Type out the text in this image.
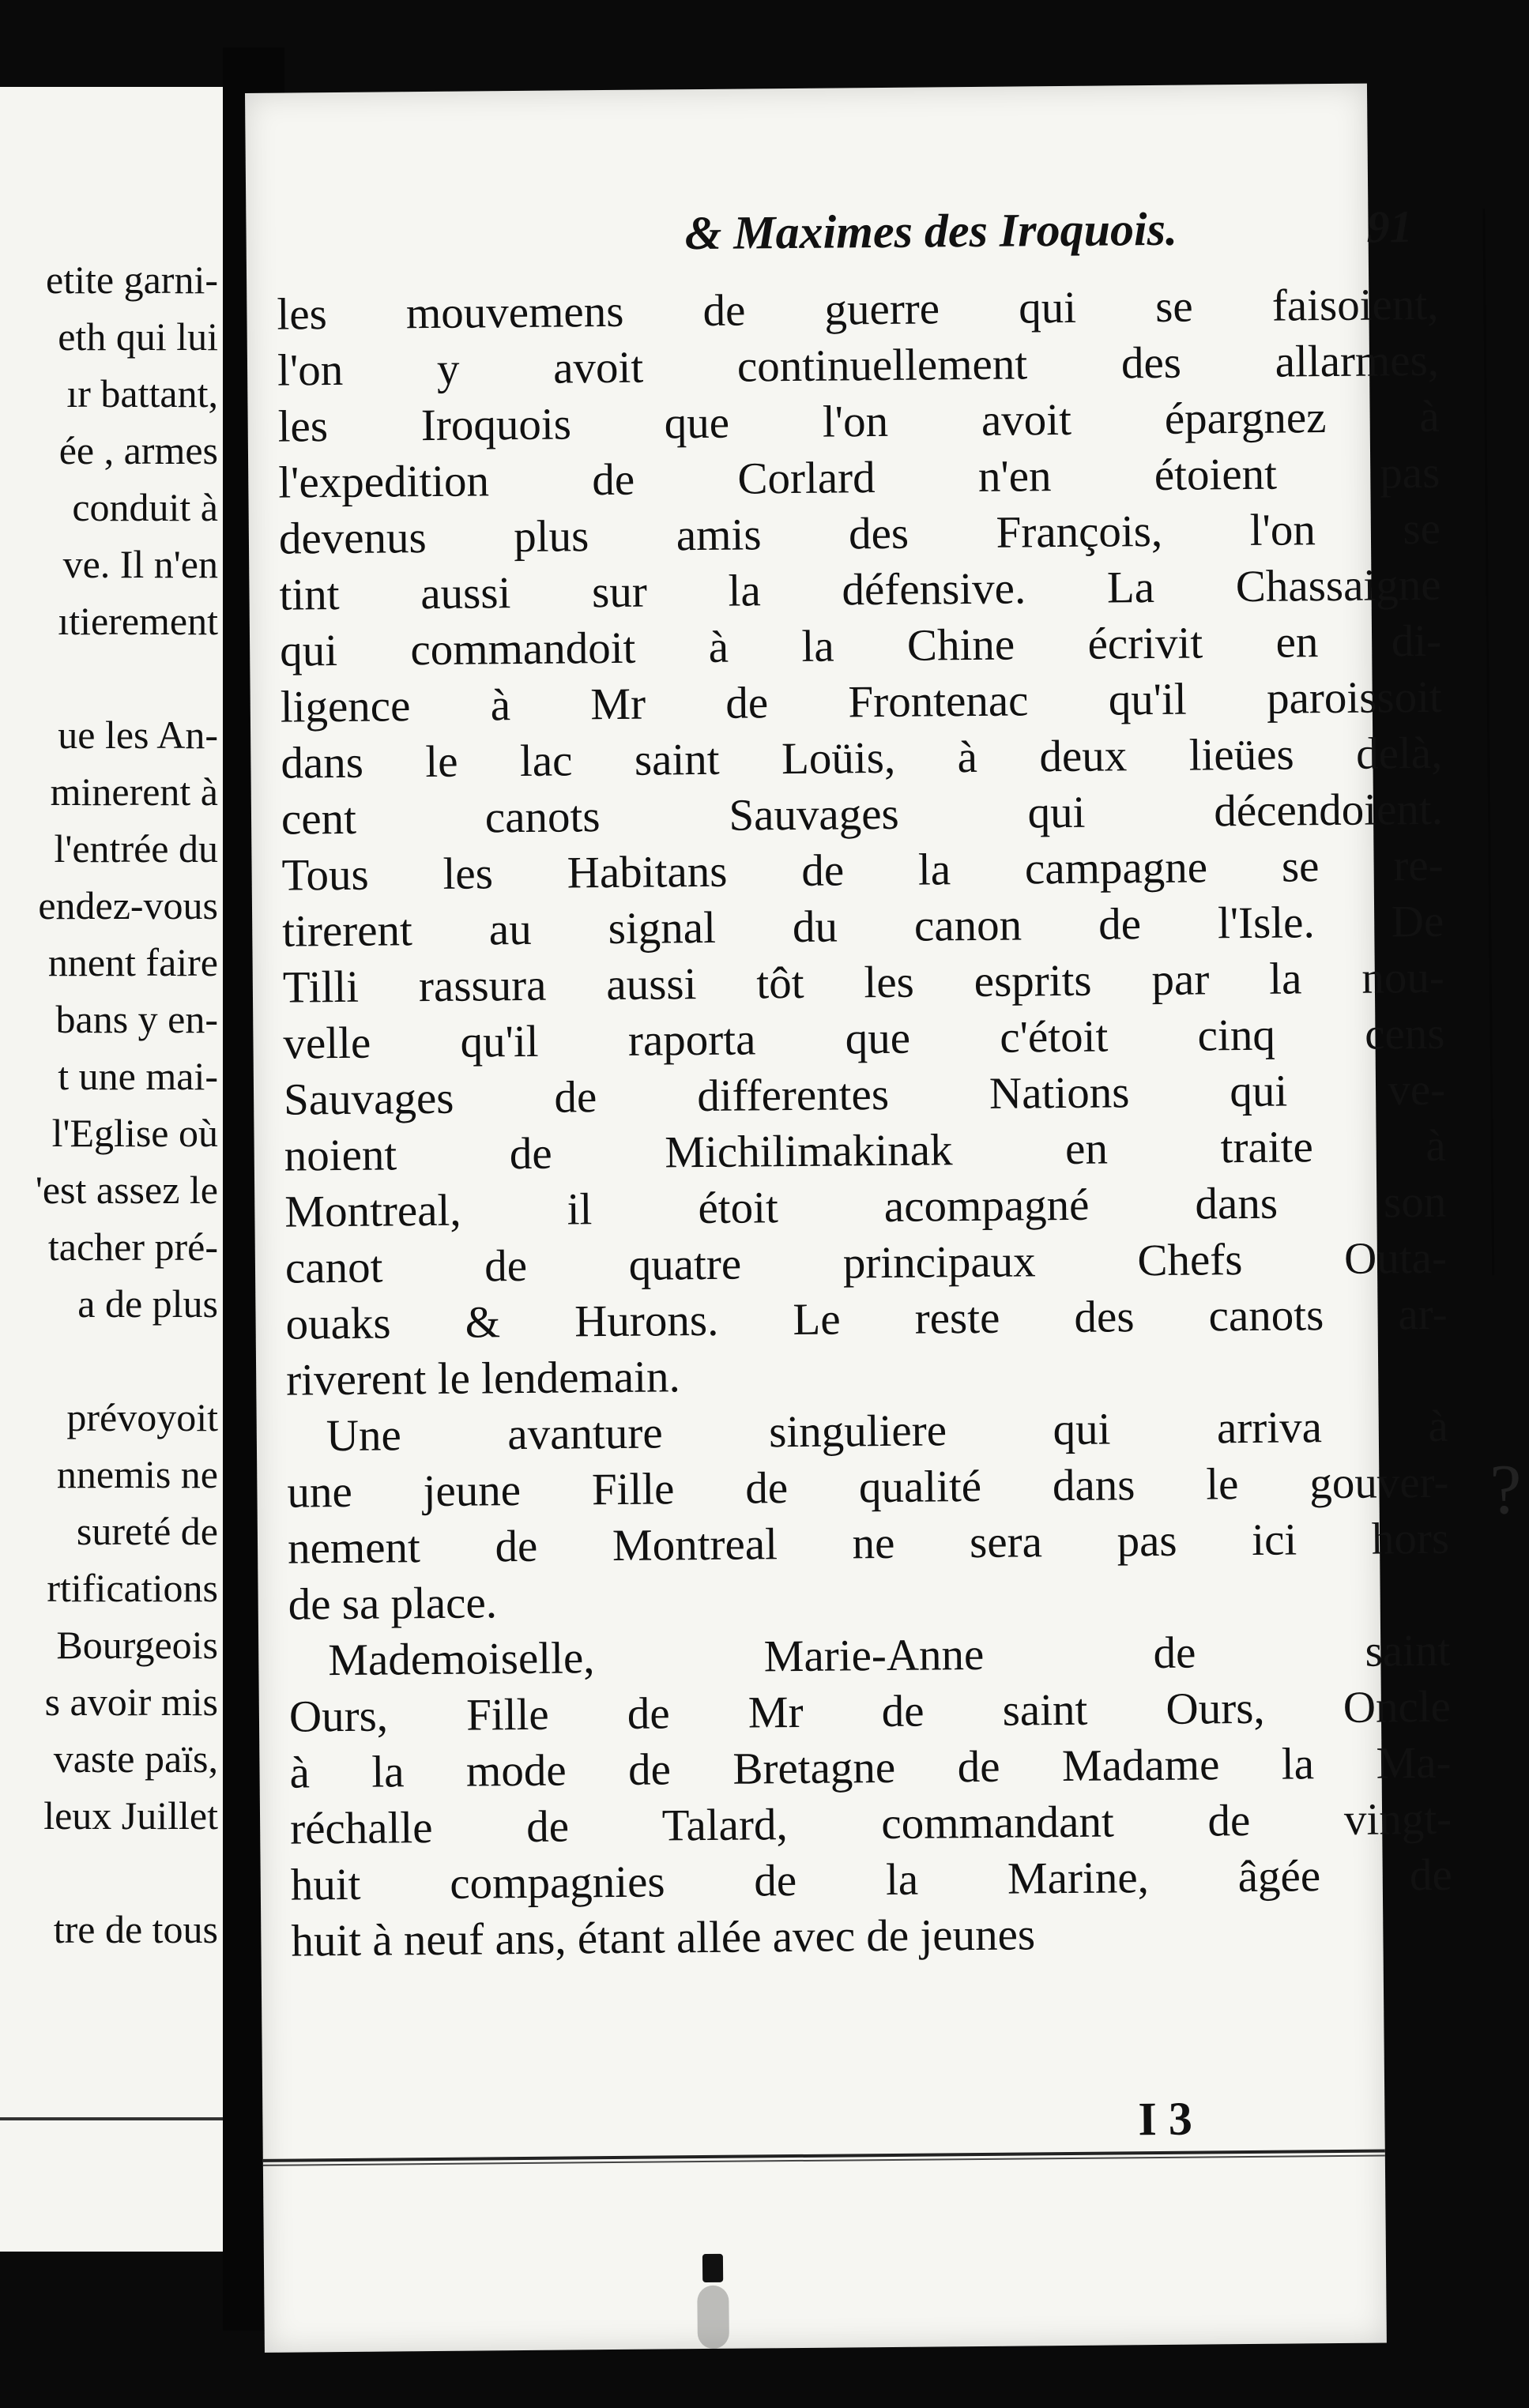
etite garni-
eth qui lui
ır battant,
ée , armes
conduit à
ve. Il n'en
ıtierement
ue les An-
minerent à
l'entrée du
endez-vous
nnent faire
bans y en-
t une mai-
l'Eglise où
'est assez le
tacher pré-
a de plus
prévoyoit
nnemis ne
sureté de
rtifications
Bourgeois
s avoir mis
vaste païs,
leux Juillet
tre de tous
& Maximes des Iroquois.	91
les mouvemens de guerre qui se faisoient,
l'on y avoit continuellement des allarmes,
les Iroquois que l'on avoit épargnez à
l'expedition de Corlard n'en étoient pas
devenus plus amis des François, l'on se
tint aussi sur la défensive. La Chassaigne
qui commandoit à la Chine écrivit en di-
ligence à Mr de Frontenac qu'il paroissoit
dans le lac saint Loüis, à deux lieües delà,
cent canots Sauvages qui décendoient.
Tous les Habitans de la campagne se re-
tirerent au signal du canon de l'Isle. De
Tilli rassura aussi tôt les esprits par la nou-
velle qu'il raporta que c'étoit cinq cens
Sauvages de differentes Nations qui ve-
noient de Michilimakinak en traite à
Montreal, il étoit acompagné dans son
canot de quatre principaux Chefs Outa-
ouaks & Hurons. Le reste des canots ar-
riverent le lendemain.
Une avanture singuliere qui arriva à
une jeune Fille de qualité dans le gouver-
nement de Montreal ne sera pas ici hors
de sa place.
Mademoiselle, Marie-Anne de saint
Ours, Fille de Mr de saint Ours, Oncle
à la mode de Bretagne de Madame la Ma-
réchalle de Talard, commandant de vingt-
huit compagnies de la Marine, âgée de
huit à neuf ans, étant allée avec de jeunes
I 3
?
